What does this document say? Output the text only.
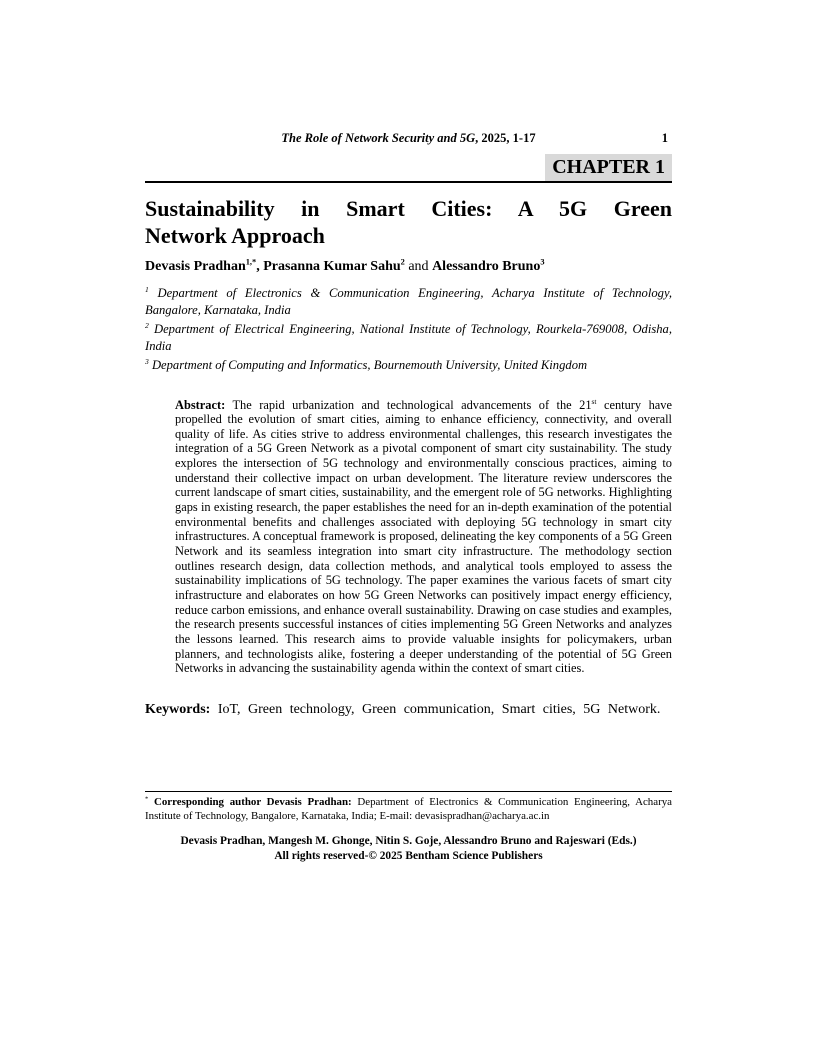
The Role of Network Security and 5G, 2025, 1-17	1
CHAPTER 1
Sustainability in Smart Cities: A 5G Green
Network Approach

Devasis Pradhan$^{1,*}$, Prasanna Kumar Sahu$^2$ and Alessandro Bruno$^3$

$^1$ Department of Electronics & Communication Engineering, Acharya Institute of Technology, Bangalore, Karnataka, India

$^2$ Department of Electrical Engineering, National Institute of Technology, Rourkela-769008, Odisha, India

$^3$ Department of Computing and Informatics, Bournemouth University, United Kingdom

Abstract: The rapid urbanization and technological advancements of the 21st century have propelled the evolution of smart cities, aiming to enhance efficiency, connectivity, and overall quality of life. As cities strive to address environmental challenges, this research investigates the integration of a 5G Green Network as a pivotal component of smart city sustainability. The study explores the intersection of 5G technology and environmentally conscious practices, aiming to understand their collective impact on urban development. The literature review underscores the current landscape of smart cities, sustainability, and the emergent role of 5G networks. Highlighting gaps in existing research, the paper establishes the need for an in-depth examination of the potential environmental benefits and challenges associated with deploying 5G technology in smart city infrastructures. A conceptual framework is proposed, delineating the key components of a 5G Green Network and its seamless integration into smart city infrastructure. The methodology section outlines research design, data collection methods, and analytical tools employed to assess the sustainability implications of 5G technology. The paper examines the various facets of smart city infrastructure and elaborates on how 5G Green Networks can positively impact energy efficiency, reduce carbon emissions, and enhance overall sustainability. Drawing on case studies and examples, the research presents successful instances of cities implementing 5G Green Networks and analyzes the lessons learned. This research aims to provide valuable insights for policymakers, urban planners, and technologists alike, fostering a deeper understanding of the potential of 5G Green Networks in advancing the sustainability agenda within the context of smart cities.

Keywords: IoT, Green technology, Green communication, Smart cities, 5G Network.

* Corresponding author Devasis Pradhan: Department of Electronics & Communication Engineering, Acharya Institute of Technology, Bangalore, Karnataka, India; E-mail: devasispradhan@acharya.ac.in

Devasis Pradhan, Mangesh M. Ghonge, Nitin S. Goje, Alessandro Bruno and Rajeswari (Eds.)
All rights reserved-© 2025 Bentham Science Publishers
